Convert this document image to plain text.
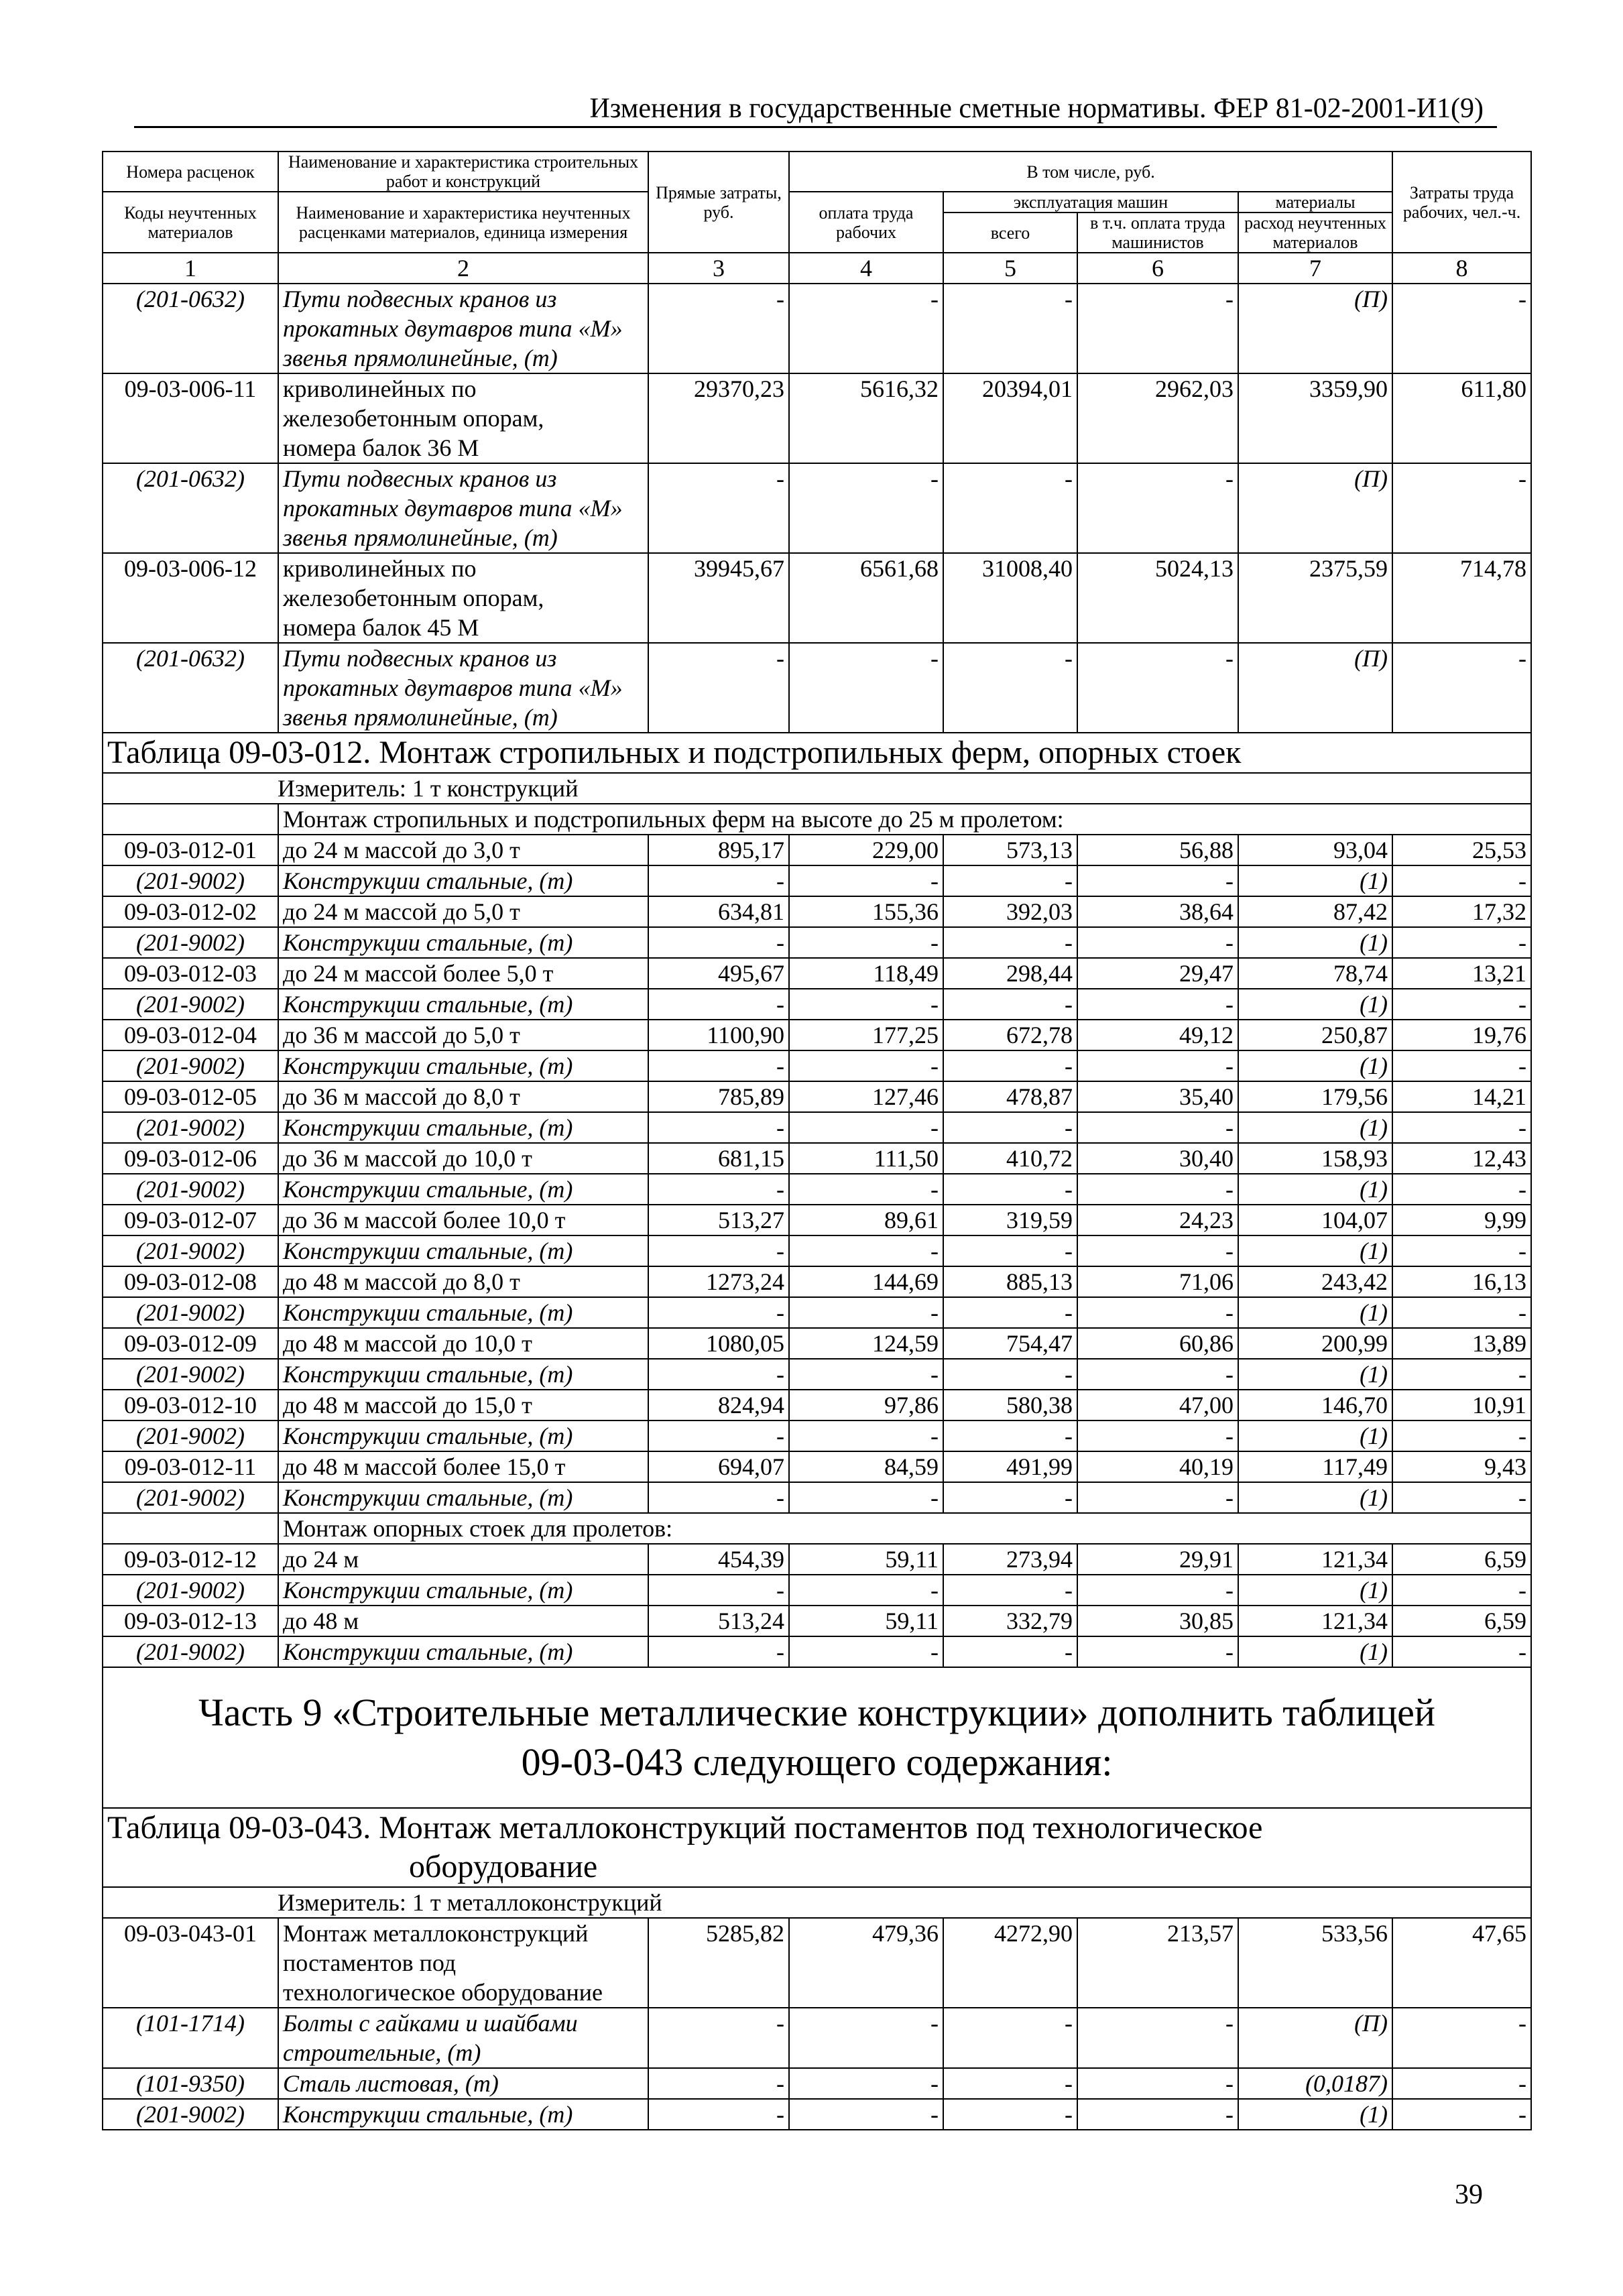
Изменения в государственные сметные нормативы. ФЕР 81-02-2001-И1(9)
Номера расценок	Наименование и характеристика строительных работ и конструкций	Прямые затраты, руб.	В том числе, руб.				Затраты труда рабочих, чел.-ч.
Коды неучтенных материалов	Наименование и характеристика неучтенных расценками материалов, единица измерения		оплата труда рабочих	эксплуатация машин		материалы	
				всего	в т.ч. оплата труда машинистов	расход неучтенных материалов	
1	2	3	4	5	6	7	8
(201-0632)	Пути подвесных кранов из
прокатных двутавров типа «М»
звенья прямолинейные, (т)	-	-	-	-	(П)	-
09-03-006-11	криволинейных по
железобетонным опорам,
номера балок 36 М	29370,23	5616,32	20394,01	2962,03	3359,90	611,80
(201-0632)	Пути подвесных кранов из
прокатных двутавров типа «М»
звенья прямолинейные, (т)	-	-	-	-	(П)	-
09-03-006-12	криволинейных по
железобетонным опорам,
номера балок 45 М	39945,67	6561,68	31008,40	5024,13	2375,59	714,78
(201-0632)	Пути подвесных кранов из
прокатных двутавров типа «М»
звенья прямолинейные, (т)	-	-	-	-	(П)	-
Таблица 09-03-012. Монтаж стропильных и подстропильных ферм, опорных стоек							
Измеритель: 1 т конструкций							
	Монтаж стропильных и подстропильных ферм на высоте до 25 м пролетом:						
09-03-012-01	до 24 м массой до 3,0 т	895,17	229,00	573,13	56,88	93,04	25,53
(201-9002)	Конструкции стальные, (т)	-	-	-	-	(1)	-
09-03-012-02	до 24 м массой до 5,0 т	634,81	155,36	392,03	38,64	87,42	17,32
(201-9002)	Конструкции стальные, (т)	-	-	-	-	(1)	-
09-03-012-03	до 24 м массой более 5,0 т	495,67	118,49	298,44	29,47	78,74	13,21
(201-9002)	Конструкции стальные, (т)	-	-	-	-	(1)	-
09-03-012-04	до 36 м массой до 5,0 т	1100,90	177,25	672,78	49,12	250,87	19,76
(201-9002)	Конструкции стальные, (т)	-	-	-	-	(1)	-
09-03-012-05	до 36 м массой до 8,0 т	785,89	127,46	478,87	35,40	179,56	14,21
(201-9002)	Конструкции стальные, (т)	-	-	-	-	(1)	-
09-03-012-06	до 36 м массой до 10,0 т	681,15	111,50	410,72	30,40	158,93	12,43
(201-9002)	Конструкции стальные, (т)	-	-	-	-	(1)	-
09-03-012-07	до 36 м массой более 10,0 т	513,27	89,61	319,59	24,23	104,07	9,99
(201-9002)	Конструкции стальные, (т)	-	-	-	-	(1)	-
09-03-012-08	до 48 м массой до 8,0 т	1273,24	144,69	885,13	71,06	243,42	16,13
(201-9002)	Конструкции стальные, (т)	-	-	-	-	(1)	-
09-03-012-09	до 48 м массой до 10,0 т	1080,05	124,59	754,47	60,86	200,99	13,89
(201-9002)	Конструкции стальные, (т)	-	-	-	-	(1)	-
09-03-012-10	до 48 м массой до 15,0 т	824,94	97,86	580,38	47,00	146,70	10,91
(201-9002)	Конструкции стальные, (т)	-	-	-	-	(1)	-
09-03-012-11	до 48 м массой более 15,0 т	694,07	84,59	491,99	40,19	117,49	9,43
(201-9002)	Конструкции стальные, (т)	-	-	-	-	(1)	-
	Монтаж опорных стоек для пролетов:						
09-03-012-12	до 24 м	454,39	59,11	273,94	29,91	121,34	6,59
(201-9002)	Конструкции стальные, (т)	-	-	-	-	(1)	-
09-03-012-13	до 48 м	513,24	59,11	332,79	30,85	121,34	6,59
(201-9002)	Конструкции стальные, (т)	-	-	-	-	(1)	-

Часть 9 «Строительные металлические конструкции» дополнить таблицей
09-03-043 следующего содержания:							

Таблица 09-03-043. Монтаж металлоконструкций постаментов под технологическое
оборудование							

Измеритель: 1 т металлоконструкций							
09-03-043-01	Монтаж металлоконструкций
постаментов под
технологическое оборудование	5285,82	479,36	4272,90	213,57	533,56	47,65
(101-1714)	Болты с гайками и шайбами
строительные, (т)	-	-	-	-	(П)	-
(101-9350)	Сталь листовая, (т)	-	-	-	-	(0,0187)	-
(201-9002)	Конструкции стальные, (т)	-	-	-	-	(1)	-
39
